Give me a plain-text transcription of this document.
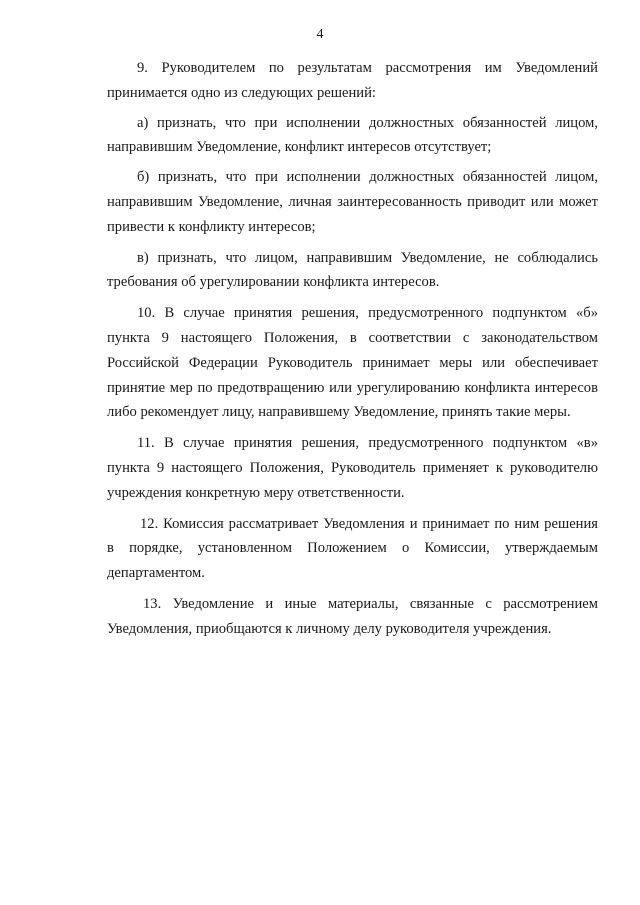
4

9. Руководителем по результатам рассмотрения им Уведомлений принимается одно из следующих решений:

а) признать, что при исполнении должностных обязанностей лицом, направившим Уведомление, конфликт интересов отсутствует;

б) признать, что при исполнении должностных обязанностей лицом, направившим Уведомление, личная заинтересованность приводит или может привести к конфликту интересов;

в) признать, что лицом, направившим Уведомление, не соблюдались требования об урегулировании конфликта интересов.

10. В случае принятия решения, предусмотренного подпунктом «б» пункта 9 настоящего Положения, в соответствии с законодательством Российской Федерации Руководитель принимает меры или обеспечивает принятие мер по предотвращению или урегулированию конфликта интересов либо рекомендует лицу, направившему Уведомление, принять такие меры.

11. В случае принятия решения, предусмотренного подпунктом «в» пункта 9 настоящего Положения, Руководитель применяет к руководителю учреждения конкретную меру ответственности.

12. Комиссия рассматривает Уведомления и принимает по ним решения в порядке, установленном Положением о Комиссии, утверждаемым департаментом.

13. Уведомление и иные материалы, связанные с рассмотрением Уведомления, приобщаются к личному делу руководителя учреждения.
